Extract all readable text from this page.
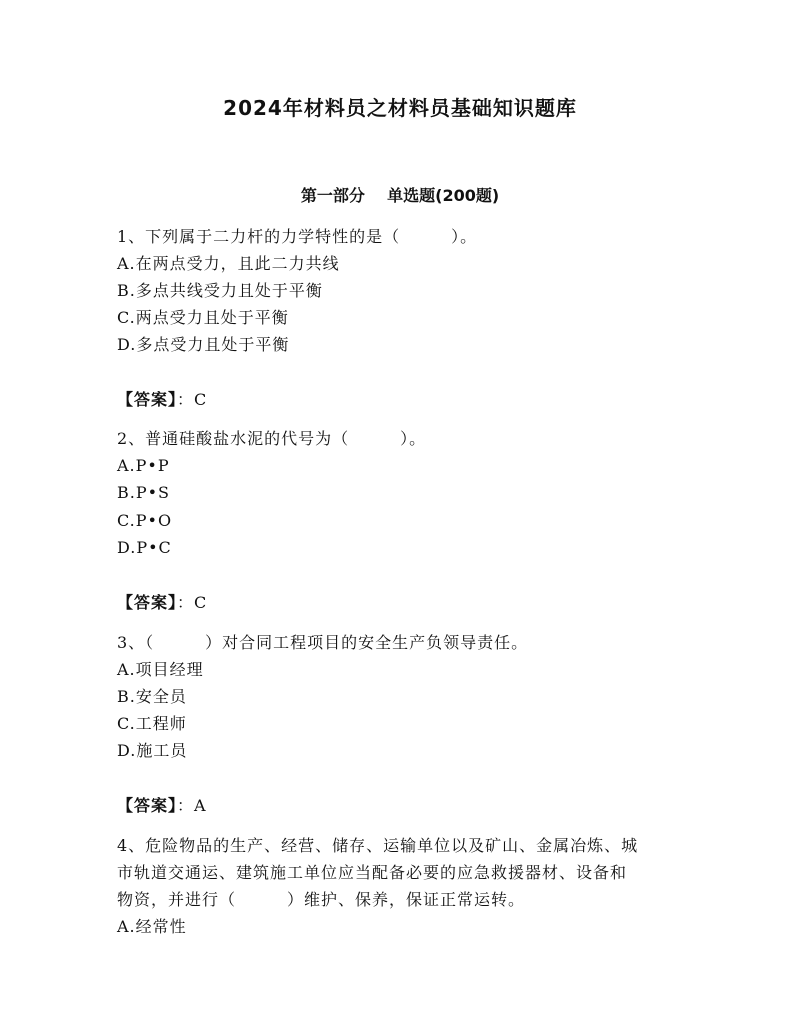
2024年材料员之材料员基础知识题库
第一部分    单选题(200题)
1、下列属于二力杆的力学特性的是（　　　）。
A.在两点受力，且此二力共线
B.多点共线受力且处于平衡
C.两点受力且处于平衡
D.多点受力且处于平衡
【答案】：C
2、普通硅酸盐水泥的代号为（　　　）。
A.P•P
B.P•S
C.P•O
D.P•C
【答案】：C
3、（　　　）对合同工程项目的安全生产负领导责任。
A.项目经理
B.安全员
C.工程师
D.施工员
【答案】：A
4、危险物品的生产、经营、储存、运输单位以及矿山、金属冶炼、城
市轨道交通运、建筑施工单位应当配备必要的应急救援器材、设备和
物资，并进行（　　　）维护、保养，保证正常运转。
A.经常性
